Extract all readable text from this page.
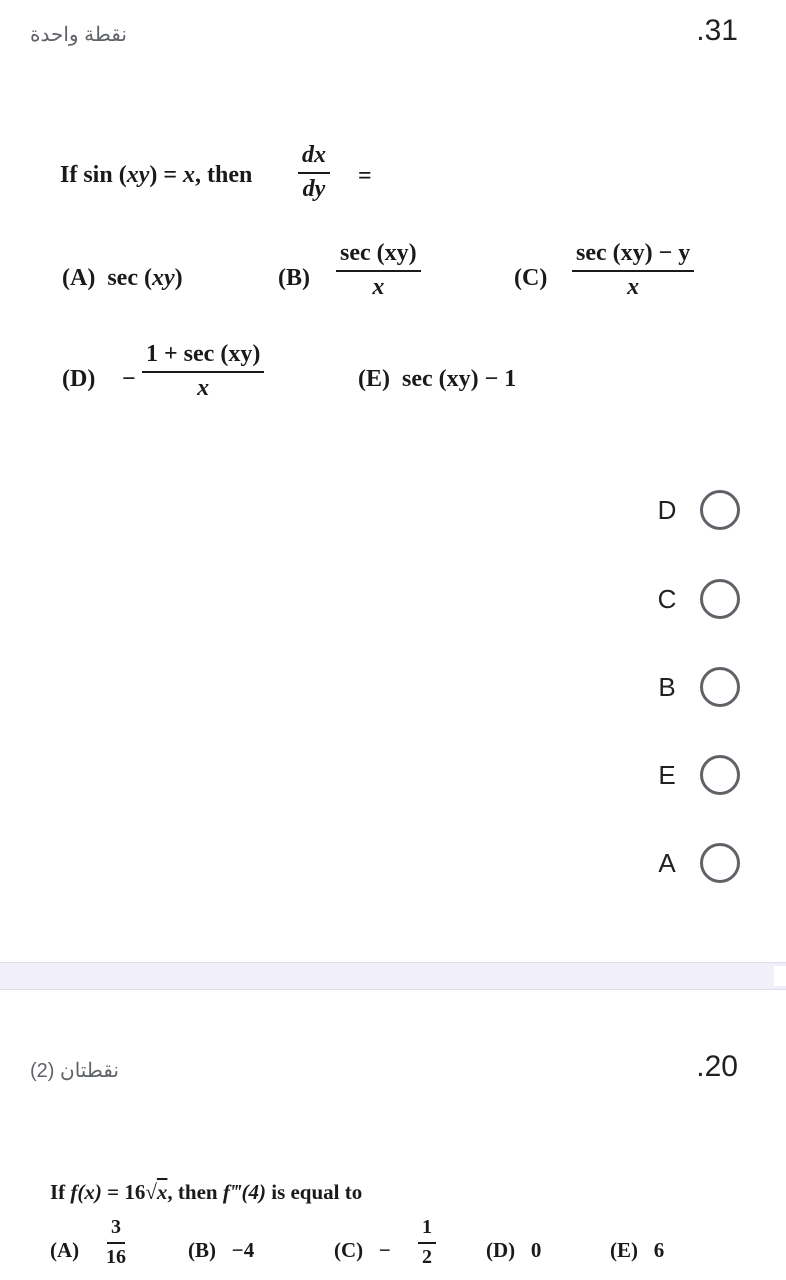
.31
نقطة واحدة
If sin (xy) = x, then $\frac{dx}{dy}$ =
(A) sec (xy)	(B)
sec (xy)
x	(C)
sec (xy) − y
x
(D) −
1 + sec (xy)
x	(E) sec (xy) − 1
D
C
B
E
A
.20
نقطتان (2)
If f(x) = 16√x, then f‴(4) is equal to
$(A) \frac{3}{16}$	(B) −4	$(C) - \frac{1}{2} (D)$ 0	(E) 6
